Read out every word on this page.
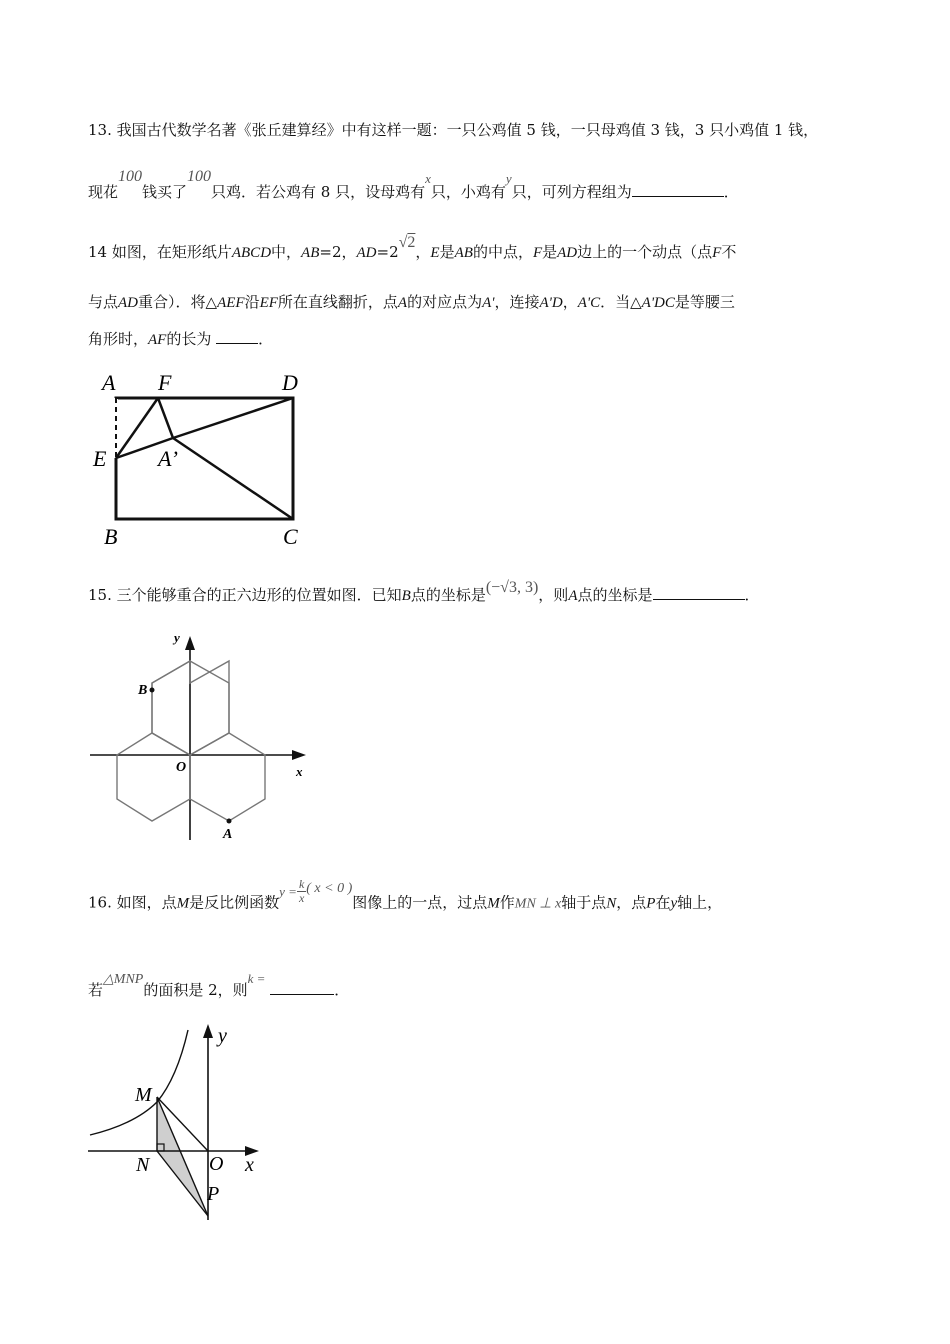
13. 我国古代数学名著《张丘建算经》中有这样一题：一只公鸡值 5 钱，一只母鸡值 3 钱，3 只小鸡值 1 钱，
现花100钱买了100只鸡．若公鸡有 8 只，设母鸡有x只，小鸡有y只，可列方程组为	．
14 如图，在矩形纸片ABCD中，AB=2，AD=2√2，E是AB的中点，F是AD边上的一个动点（点F不
与点AD重合）．将△AEF沿EF所在直线翻折，点A的对应点为A'，连接A'D，A'C．当△A'DC是等腰三
角形时，AF的长为	．
A F	D
E A’
B	C
15. 三个能够重合的正六边形的位置如图．已知B点的坐标是(−√3, 3)，则A点的坐标是	．
y
x
O
B
A
16. 如图，点M是反比例函数$y = \frac{k}{x}$ ( x < 0 )图像上的一点，过点M作MN ⊥ x轴于点N，点P在y轴上，
若△MNP的面积是 2，则k = ．
y
x
M
N	O
P
